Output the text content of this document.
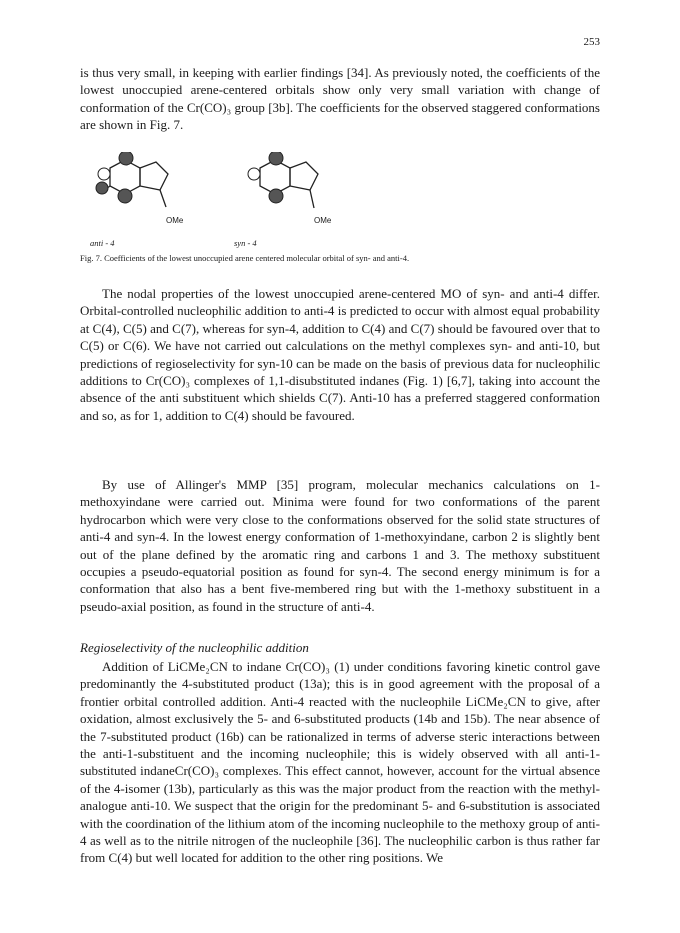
253

is thus very small, in keeping with earlier findings [34]. As previously noted, the coefficients of the lowest unoccupied arene-centered orbitals show only very small variation with change of conformation of the Cr(CO)₃ group [3b]. The coefficients for the observed staggered conformations are shown in Fig. 7.

OMe	OMe
anti - 4	syn - 4
Fig. 7. Coefficients of the lowest unoccupied arene centered molecular orbital of syn- and anti-4.

The nodal properties of the lowest unoccupied arene-centered MO of syn- and anti-4 differ. Orbital-controlled nucleophilic addition to anti-4 is predicted to occur with almost equal probability at C(4), C(5) and C(7), whereas for syn-4, addition to C(4) and C(7) should be favoured over that to C(5) or C(6). We have not carried out calculations on the methyl complexes syn- and anti-10, but predictions of regioselectivity for syn-10 can be made on the basis of previous data for nucleophilic additions to Cr(CO)₃ complexes of 1,1-disubstituted indanes (Fig. 1) [6,7], taking into account the absence of the anti substituent which shields C(7). Anti-10 has a preferred staggered conformation and so, as for 1, addition to C(4) should be favoured.

By use of Allinger's MMP [35] program, molecular mechanics calculations on 1-methoxyindane were carried out. Minima were found for two conformations of the parent hydrocarbon which were very close to the conformations observed for the solid state structures of anti-4 and syn-4. In the lowest energy conformation of 1-methoxyindane, carbon 2 is slightly bent out of the plane defined by the aromatic ring and carbons 1 and 3. The methoxy substituent occupies a pseudo-equatorial position as found for syn-4. The second energy minimum is for a conformation that also has a bent five-membered ring but with the 1-methoxy substituent in a pseudo-axial position, as found in the structure of anti-4.

Regioselectivity of the nucleophilic addition

Addition of LiCMe₂CN to indane Cr(CO)₃ (1) under conditions favoring kinetic control gave predominantly the 4-substituted product (13a); this is in good agreement with the proposal of a frontier orbital controlled addition. Anti-4 reacted with the nucleophile LiCMe₂CN to give, after oxidation, almost exclusively the 5- and 6-substituted products (14b and 15b). The near absence of the 7-substituted product (16b) can be rationalized in terms of adverse steric interactions between the anti-1-substituent and the incoming nucleophile; this is widely observed with all anti-1-substituted indaneCr(CO)₃ complexes. This effect cannot, however, account for the virtual absence of the 4-isomer (13b), particularly as this was the major product from the reaction with the methyl-analogue anti-10. We suspect that the origin for the predominant 5- and 6-substitution is associated with the coordination of the lithium atom of the incoming nucleophile to the methoxy group of anti-4 as well as to the nitrile nitrogen of the nucleophile [36]. The nucleophilic carbon is thus rather far from C(4) but well located for addition to the other ring positions. We
